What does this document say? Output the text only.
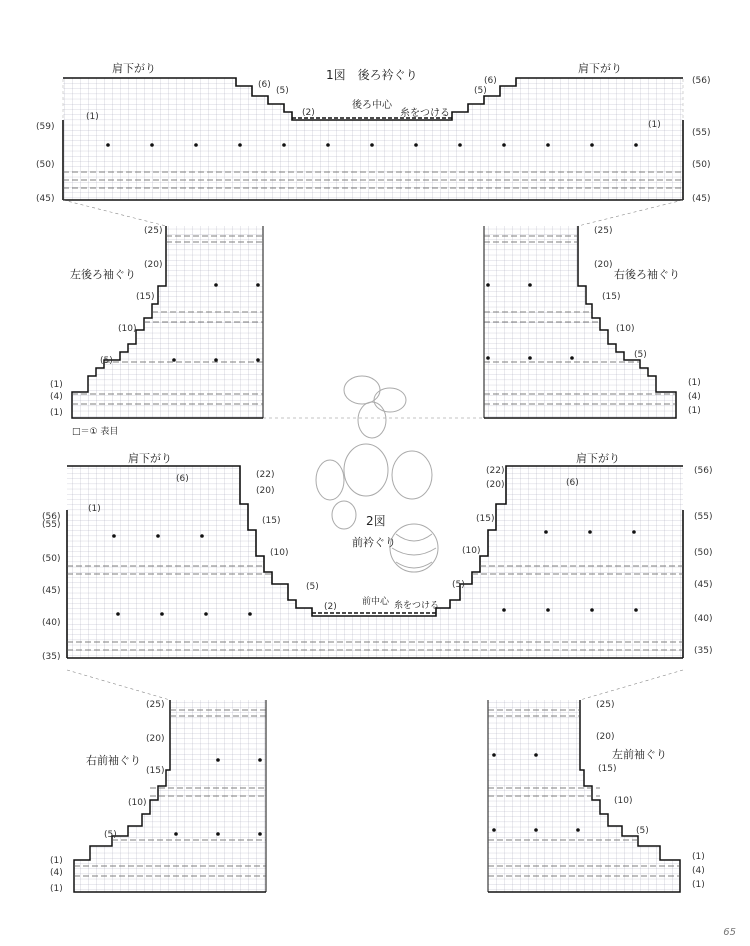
1図　後ろ衿ぐり
肩下がり	肩下がり
後ろ中心
糸をつける
左後ろ袖ぐり	右後ろ袖ぐり
□＝① 表目
2図
前衿ぐり
肩下がり	肩下がり
前中心 糸をつける
右前袖ぐり	左前袖ぐり
(59)
(50)
(45)
(56)
(55)
(50)
(45)
(6)
(5)
(2)
(1)
(6)
(5)
(1)
(25)
(20)
(15)
(10)
(5)
(1)
(4)
(1)
(25)
(20)
(15)
(10)
(5)
(1)
(4)
(1)
(56)
(55)
(50)
(45)
(40)
(35)
(56)
(55)
(50)
(45)
(40)
(35)
(22)
(20)
(15)
(10)
(5)
(2)
(6)
(1)
(22)
(20)
(15)
(10)
(5)
(6)
(25)
(20)
(15)
(10)
(5)
(1)
(4)
(1)
(25)
(20)
(15)
(10)
(5)
(1)
(4)
(1)
65
